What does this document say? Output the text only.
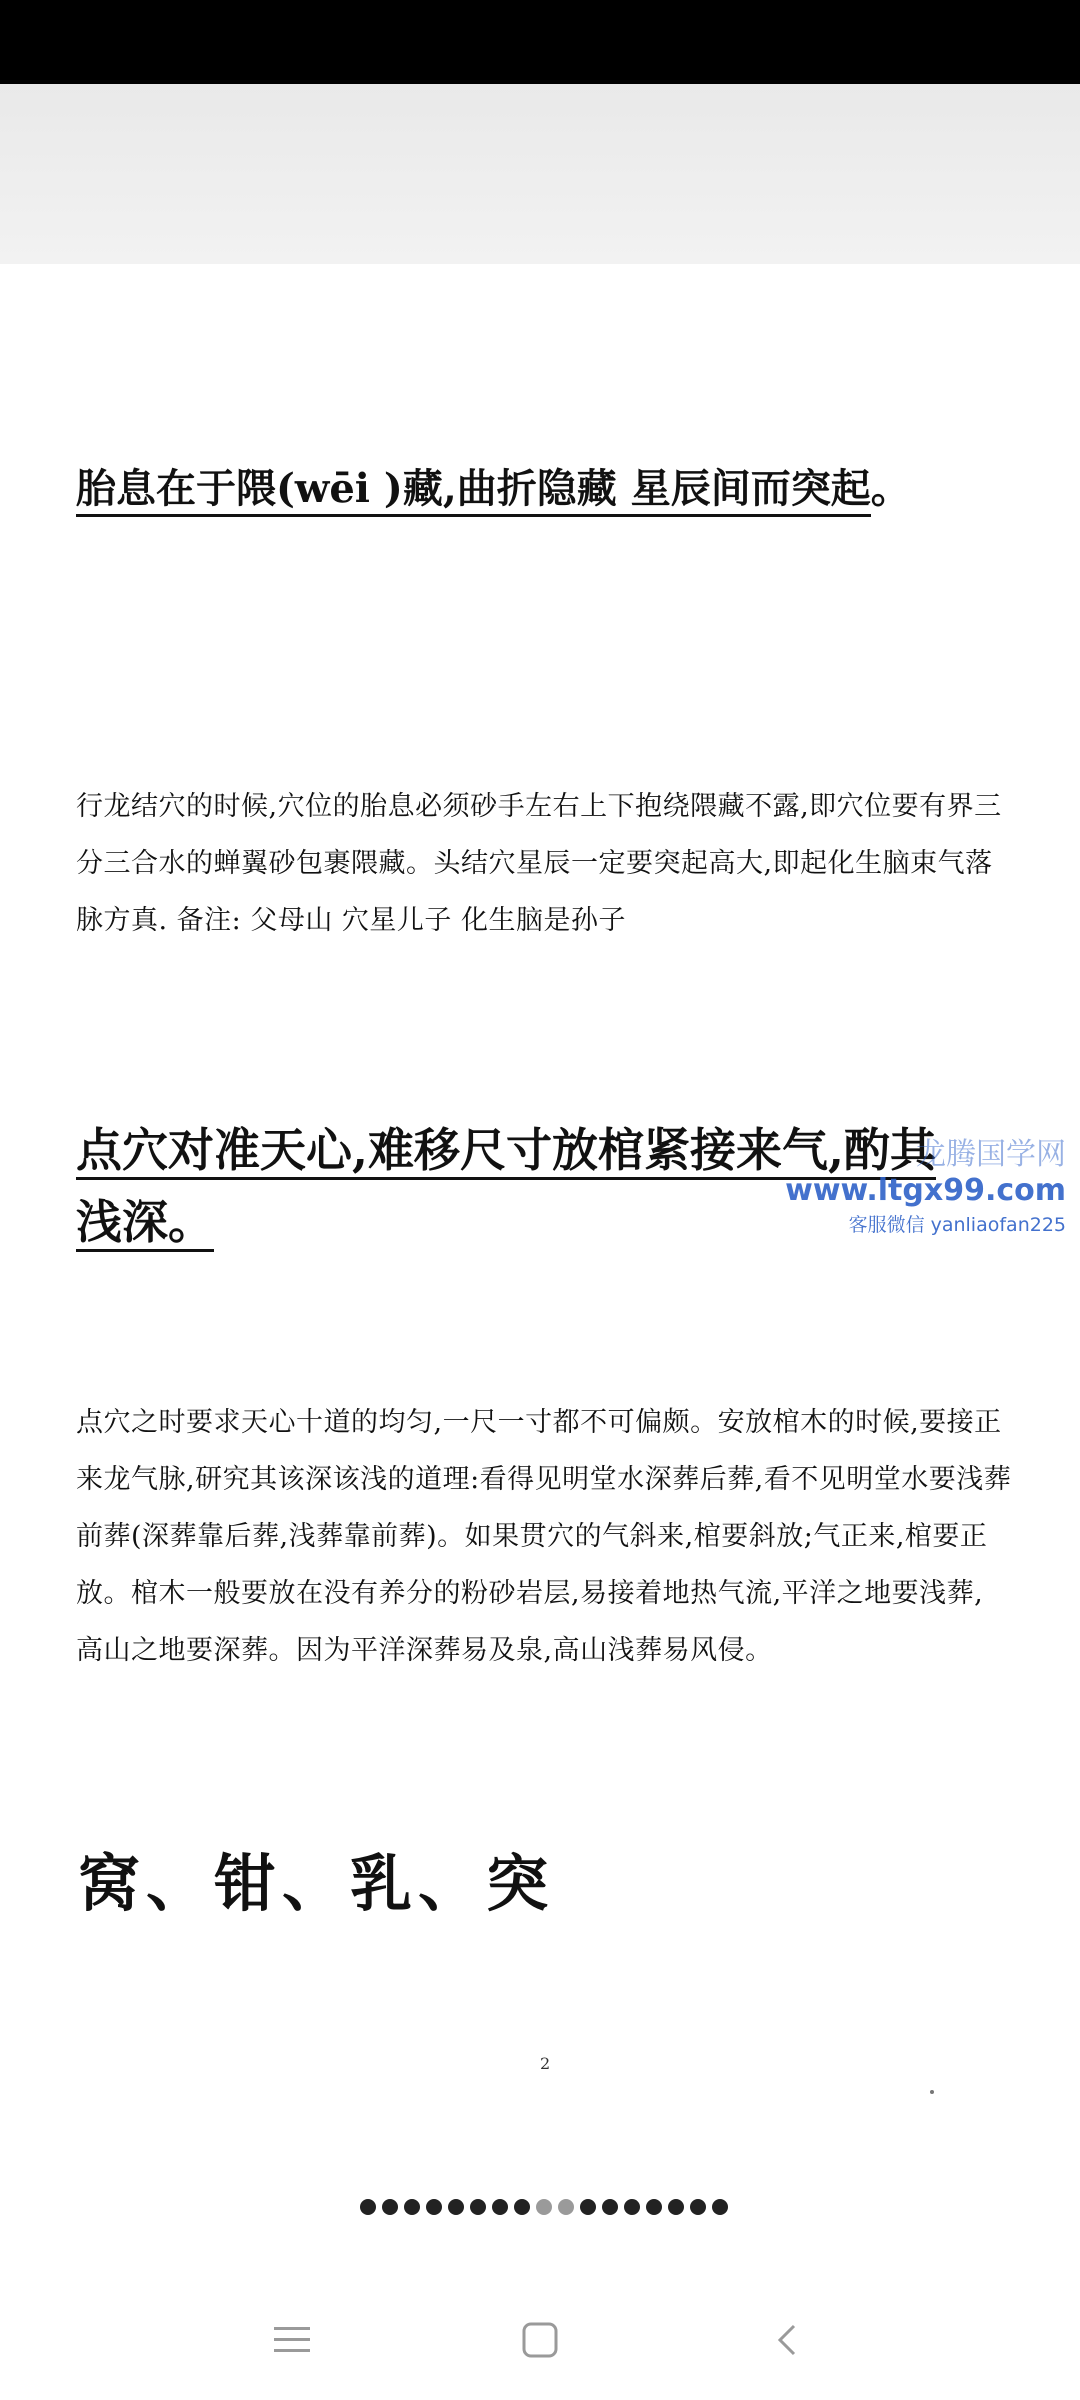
胎息在于隈(wēi )藏,曲折隐藏 星辰间而突起。

行龙结穴的时候,穴位的胎息必须砂手左右上下抱绕隈藏不露,即穴位要有界三分三合水的蝉翼砂包裹隈藏。头结穴星辰一定要突起高大,即起化生脑束气落脉方真. 备注: 父母山 穴星儿子 化生脑是孙子

点穴对准天心,难移尺寸放棺紧接来气,酌其浅深。

点穴之时要求天心十道的均匀,一尺一寸都不可偏颇。安放棺木的时候,要接正来龙气脉,研究其该深该浅的道理:看得见明堂水深葬后葬,看不见明堂水要浅葬前葬(深葬靠后葬,浅葬靠前葬)。如果贯穴的气斜来,棺要斜放;气正来,棺要正放。棺木一般要放在没有养分的粉砂岩层,易接着地热气流,平洋之地要浅葬, 高山之地要深葬。因为平洋深葬易及泉,高山浅葬易风侵。

窝、钳、乳、突
2
龙腾国学网
www.ltgx99.com
客服微信 yanliaofan225
